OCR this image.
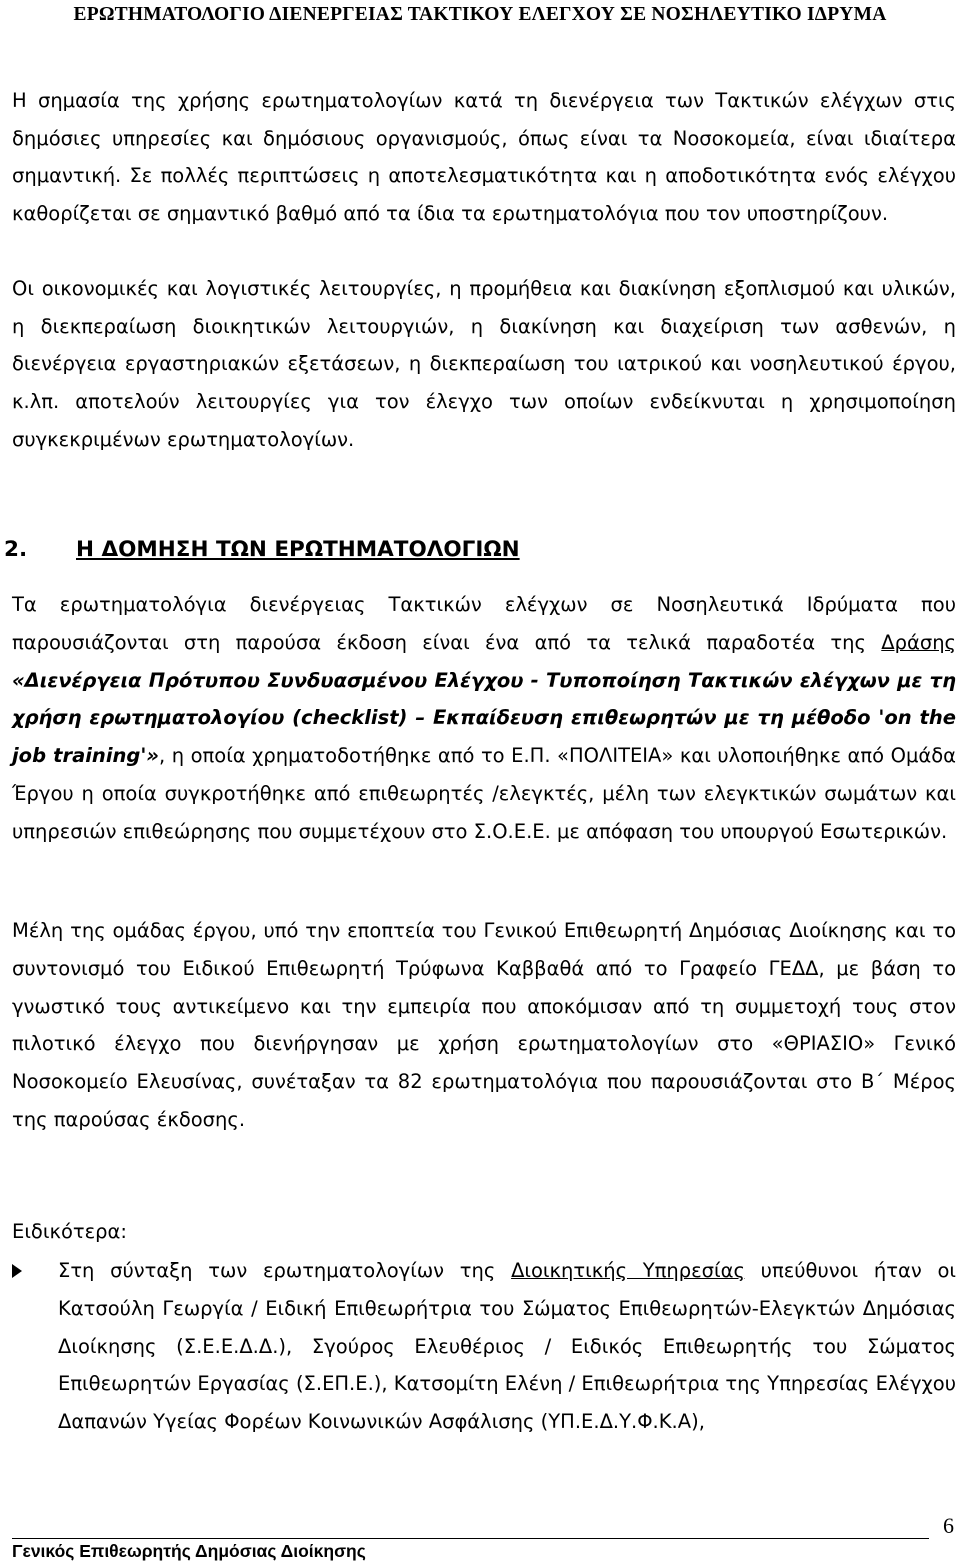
ΕΡΩΤΗΜΑΤΟΛΟΓΙΟ ΔΙΕΝΕΡΓΕΙΑΣ ΤΑΚΤΙΚΟΥ ΕΛΕΓΧΟΥ ΣΕ ΝΟΣΗΛΕΥΤΙΚΟ ΙΔΡΥΜΑ

Η σημασία της χρήσης ερωτηματολογίων κατά τη διενέργεια των Τακτικών ελέγχων στις δημόσιες υπηρεσίες και δημόσιους οργανισμούς, όπως είναι τα Νοσοκομεία, είναι ιδιαίτερα σημαντική. Σε πολλές περιπτώσεις η αποτελεσματικότητα και η αποδοτικότητα ενός ελέγχου καθορίζεται σε σημαντικό βαθμό από τα ίδια τα ερωτηματολόγια που τον υποστηρίζουν.

Οι οικονομικές και λογιστικές λειτουργίες, η προμήθεια και διακίνηση εξοπλισμού και υλικών, η διεκπεραίωση διοικητικών λειτουργιών, η διακίνηση και διαχείριση των ασθενών, η διενέργεια εργαστηριακών εξετάσεων, η διεκπεραίωση του ιατρικού και νοσηλευτικού έργου, κ.λπ. αποτελούν λειτουργίες για τον έλεγχο των οποίων ενδείκνυται η χρησιμοποίηση συγκεκριμένων ερωτηματολογίων.

2. Η ΔΟΜΗΣΗ ΤΩΝ ΕΡΩΤΗΜΑΤΟΛΟΓΙΩΝ

Τα ερωτηματολόγια διενέργειας Τακτικών ελέγχων σε Νοσηλευτικά Ιδρύματα που παρουσιάζονται στη παρούσα έκδοση είναι ένα από τα τελικά παραδοτέα της Δράσης «Διενέργεια Πρότυπου Συνδυασμένου Ελέγχου - Τυποποίηση Τακτικών ελέγχων με τη χρήση ερωτηματολογίου (checklist) – Εκπαίδευση επιθεωρητών με τη μέθοδο 'on the job training'», η οποία χρηματοδοτήθηκε από το Ε.Π. «ΠΟΛΙΤΕΙΑ» και υλοποιήθηκε από Ομάδα Έργου η οποία συγκροτήθηκε από επιθεωρητές /ελεγκτές, μέλη των ελεγκτικών σωμάτων και υπηρεσιών επιθεώρησης που συμμετέχουν στο Σ.Ο.Ε.Ε. με απόφαση του υπουργού Εσωτερικών.

Μέλη της ομάδας έργου, υπό την εποπτεία του Γενικού Επιθεωρητή Δημόσιας Διοίκησης και το συντονισμό του Ειδικού Επιθεωρητή Τρύφωνα Καββαθά από το Γραφείο ΓΕΔΔ, με βάση το γνωστικό τους αντικείμενο και την εμπειρία που αποκόμισαν από τη συμμετοχή τους στον πιλοτικό έλεγχο που διενήργησαν με χρήση ερωτηματολογίων στο «ΘΡΙΑΣΙΟ» Γενικό Νοσοκομείο Ελευσίνας, συνέταξαν τα 82 ερωτηματολόγια που παρουσιάζονται στο Β΄ Μέρος της παρούσας έκδοσης.

Ειδικότερα:

Στη σύνταξη των ερωτηματολογίων της Διοικητικής Υπηρεσίας υπεύθυνοι ήταν οι Κατσούλη Γεωργία / Ειδική Επιθεωρήτρια του Σώματος Επιθεωρητών-Ελεγκτών Δημόσιας Διοίκησης (Σ.Ε.Ε.Δ.Δ.), Σγούρος Ελευθέριος / Ειδικός Επιθεωρητής του Σώματος Επιθεωρητών Εργασίας (Σ.ΕΠ.Ε.), Κατσομίτη Ελένη / Επιθεωρήτρια της Υπηρεσίας Ελέγχου Δαπανών Υγείας Φορέων Κοινωνικών Ασφάλισης (ΥΠ.Ε.Δ.Υ.Φ.Κ.Α),

6
Γενικός Επιθεωρητής Δημόσιας Διοίκησης
